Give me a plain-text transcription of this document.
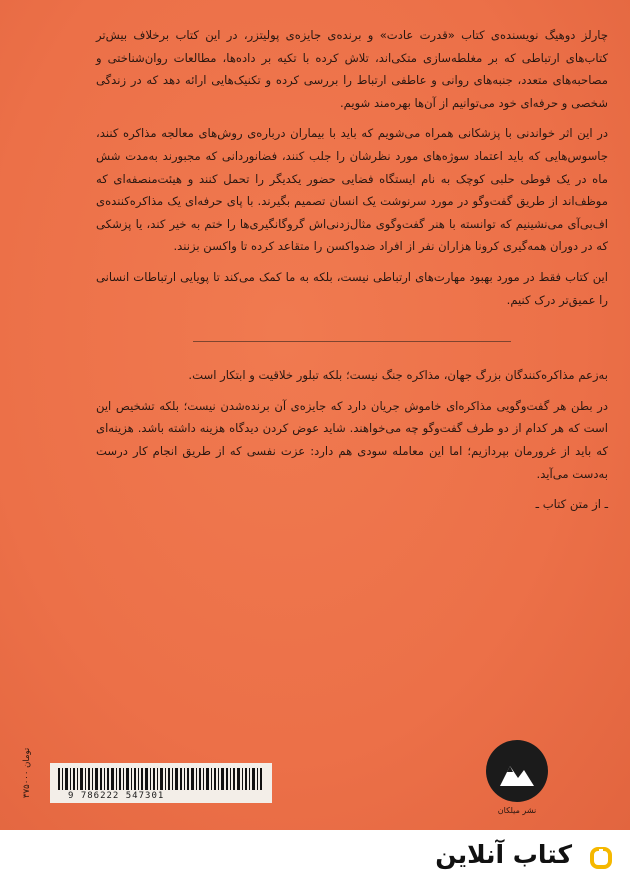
چارلز دوهیگ نویسنده‌ی کتاب «قدرت عادت» و برنده‌ی جایزه‌ی پولیتزر، در این کتاب برخلاف بیش‌تر کتاب‌های ارتباطی که بر مغلطه‌سازی متکی‌اند، تلاش کرده با تکیه بر داده‌ها، مطالعات روان‌شناختی و مصاحبه‌های متعدد، جنبه‌های روانی و عاطفی ارتباط را بررسی کرده و تکنیک‌هایی ارائه دهد که در زندگی شخصی و حرفه‌ای خود می‌توانیم از آن‌ها بهره‌مند شویم.

در این اثر خواندنی با پزشکانی همراه می‌شویم که باید با بیماران درباره‌ی روش‌های معالجه مذاکره کنند، جاسوس‌هایی که باید اعتماد سوژه‌های مورد نظرشان را جلب کنند، فضانوردانی که مجبورند به‌مدت شش ماه در یک قوطی حلبی کوچک به نام ایستگاه فضایی حضور یکدیگر را تحمل کنند و هیئت‌منصفه‌ای که موظف‌اند از طریق گفت‌وگو در مورد سرنوشت یک انسان تصمیم بگیرند. با پای حرفه‌ای یک مذاکره‌کننده‌ی اف‌بی‌آی می‌نشینیم که توانسته با هنر گفت‌وگوی مثال‌زدنی‌اش گروگانگیری‌ها را ختم به خیر کند، یا پزشکی که در دوران همه‌گیری کرونا هزاران نفر از افراد ضدواکسن را متقاعد کرده تا واکسن بزنند.

این کتاب فقط در مورد بهبود مهارت‌های ارتباطی نیست، بلکه به ما کمک می‌کند تا پویایی ارتباطات انسانی را عمیق‌تر درک کنیم.

به‌زعم مذاکره‌کنندگان بزرگ جهان، مذاکره جنگ نیست؛ بلکه تبلور خلاقیت و ابتکار است.

در بطن هر گفت‌وگویی مذاکره‌ای خاموش جریان دارد که جایزه‌ی آن برنده‌شدن نیست؛ بلکه تشخیص این است که هر کدام از دو طرف گفت‌وگو چه می‌خواهند. شاید عوض کردن دیدگاه هزینه داشته باشد. هزینه‌ای که باید از غرورمان بپردازیم؛ اما این معامله سودی هم دارد: عزت نفسی که از طریق انجام کار درست به‌دست می‌آید.

ـ از متن کتاب ـ

۳۷۵۰۰۰ تومان
9 786222 547301
نشر میلکان
کتاب آنلاین
